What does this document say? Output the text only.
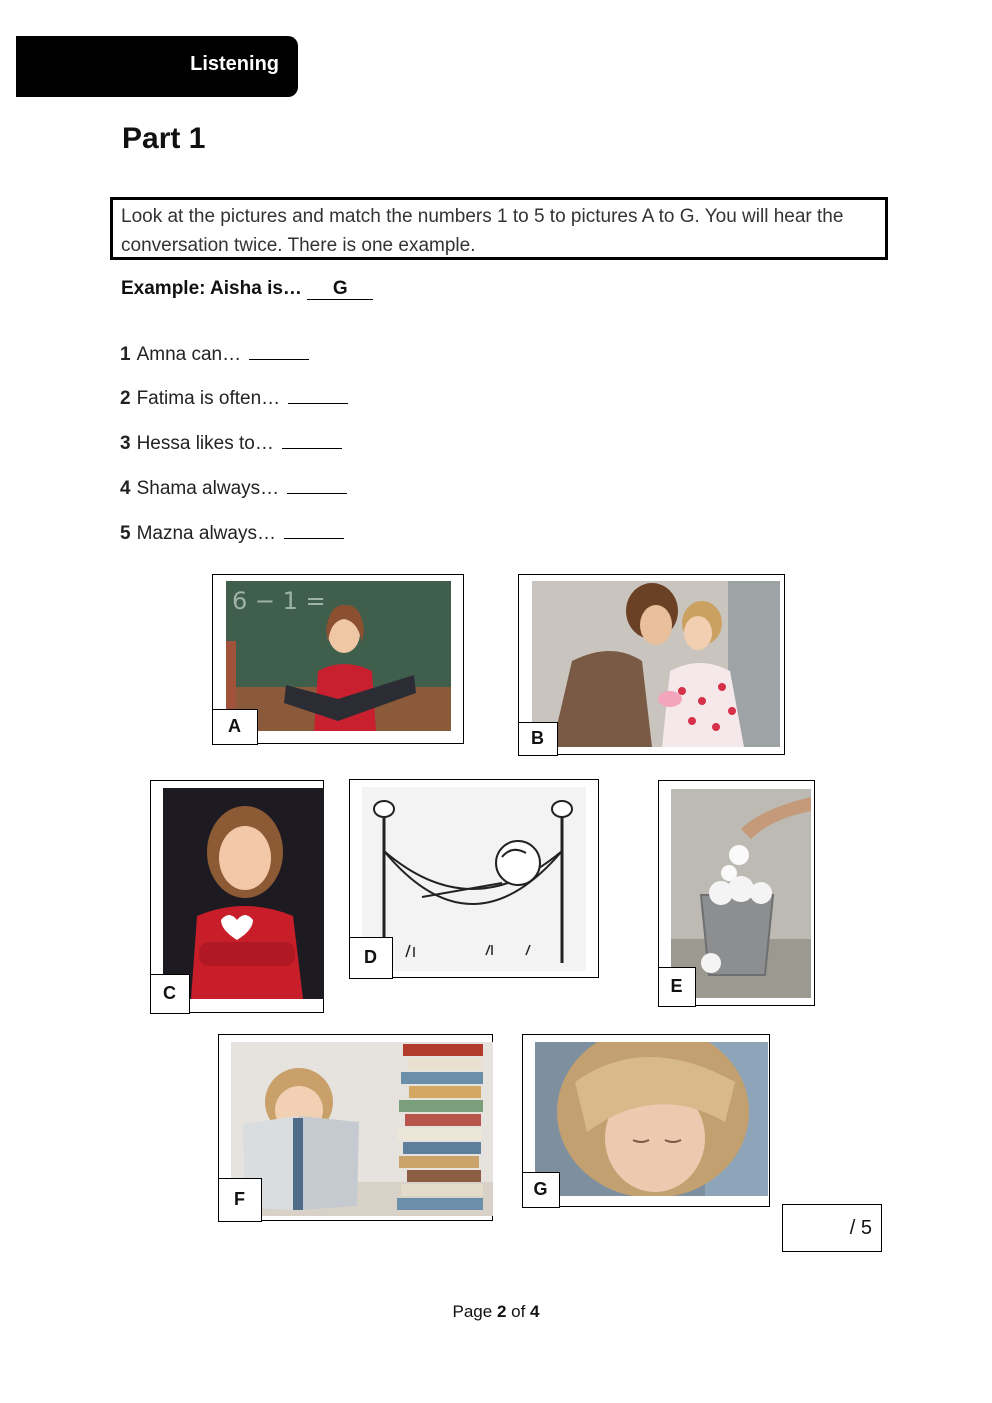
Listening
Part 1
Look at the pictures and match the numbers 1 to 5 to pictures A to G. You will hear the conversation twice. There is one example.
Example: Aisha is… G
1 Amna can…
2 Fatima is often…
3 Hessa likes to…
4 Shama always…
5 Mazna always…
6 − 1 =
A
B
C
D
E
F	G
/ 5
Page 2 of 4
